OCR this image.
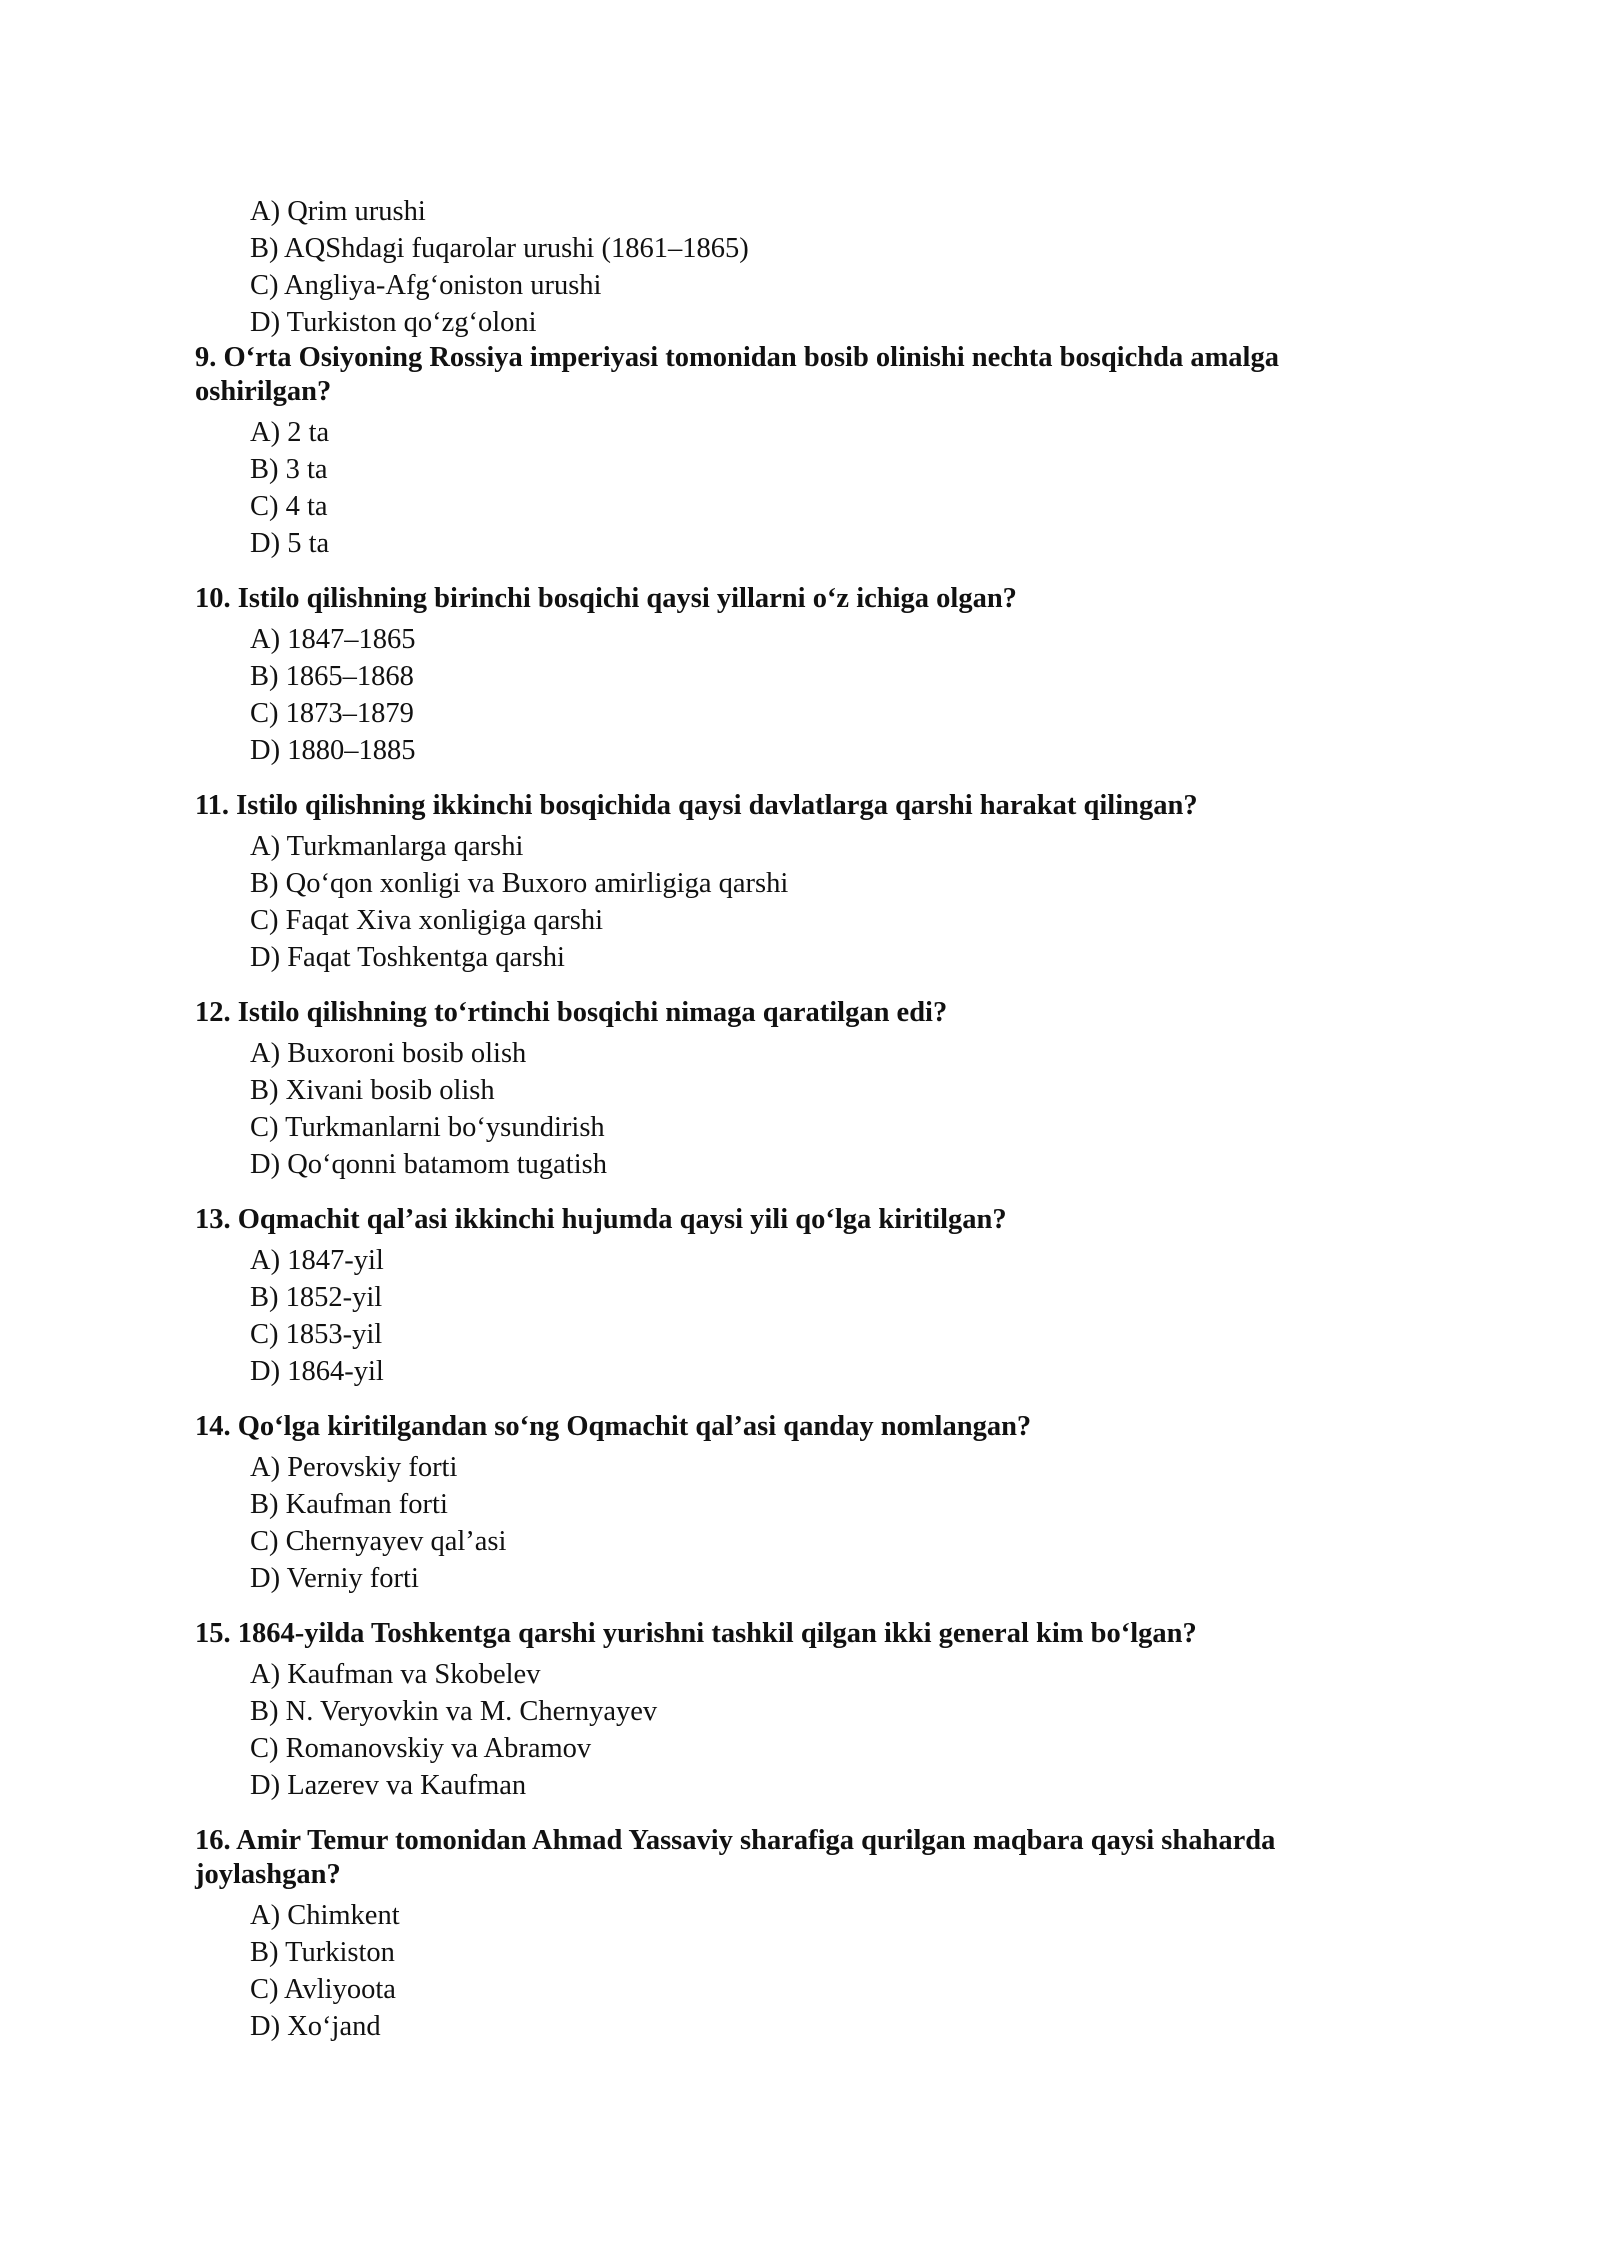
A) Qrim urushi
B) AQShdagi fuqarolar urushi (1861–1865)
C) Angliya-Afg‘oniston urushi
D) Turkiston qo‘zg‘oloni
9. O‘rta Osiyoning Rossiya imperiyasi tomonidan bosib olinishi nechta bosqichda amalga oshirilgan?
A) 2 ta
B) 3 ta
C) 4 ta
D) 5 ta
10. Istilo qilishning birinchi bosqichi qaysi yillarni o‘z ichiga olgan?
A) 1847–1865
B) 1865–1868
C) 1873–1879
D) 1880–1885
11. Istilo qilishning ikkinchi bosqichida qaysi davlatlarga qarshi harakat qilingan?
A) Turkmanlarga qarshi
B) Qo‘qon xonligi va Buxoro amirligiga qarshi
C) Faqat Xiva xonligiga qarshi
D) Faqat Toshkentga qarshi
12. Istilo qilishning to‘rtinchi bosqichi nimaga qaratilgan edi?
A) Buxoroni bosib olish
B) Xivani bosib olish
C) Turkmanlarni bo‘ysundirish
D) Qo‘qonni batamom tugatish
13. Oqmachit qal’asi ikkinchi hujumda qaysi yili qo‘lga kiritilgan?
A) 1847-yil
B) 1852-yil
C) 1853-yil
D) 1864-yil
14. Qo‘lga kiritilgandan so‘ng Oqmachit qal’asi qanday nomlangan?
A) Perovskiy forti
B) Kaufman forti
C) Chernyayev qal’asi
D) Verniy forti
15. 1864-yilda Toshkentga qarshi yurishni tashkil qilgan ikki general kim bo‘lgan?
A) Kaufman va Skobelev
B) N. Veryovkin va M. Chernyayev
C) Romanovskiy va Abramov
D) Lazerev va Kaufman
16. Amir Temur tomonidan Ahmad Yassaviy sharafiga qurilgan maqbara qaysi shaharda joylashgan?
A) Chimkent
B) Turkiston
C) Avliyoota
D) Xo‘jand
